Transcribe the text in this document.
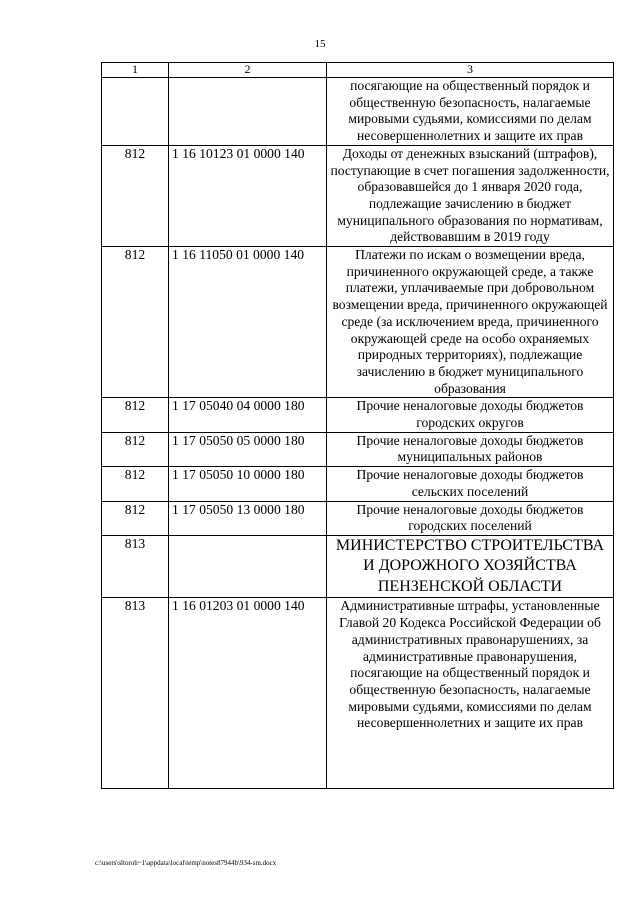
15
1	2	3
		посягающие на общественный порядок и общественную безопасность, налагаемые мировыми судьями, комиссиями по делам несовершеннолетних и защите их прав
812	1 16 10123 01 0000 140	Доходы от денежных взысканий (штрафов), поступающие в счет погашения задолженности, образовавшейся до 1 января 2020 года, подлежащие зачислению в бюджет муниципального образования по нормативам, действовавшим в 2019 году
812	1 16 11050 01 0000 140	Платежи по искам о возмещении вреда, причиненного окружающей среде, а также платежи, уплачиваемые при добровольном возмещении вреда, причиненного окружающей среде (за исключением вреда, причиненного окружающей среде на особо охраняемых природных территориях), подлежащие зачислению в бюджет муниципального образования
812	1 17 05040 04 0000 180	Прочие неналоговые доходы бюджетов городских округов
812	1 17 05050 05 0000 180	Прочие неналоговые доходы бюджетов муниципальных районов
812	1 17 05050 10 0000 180	Прочие неналоговые доходы бюджетов сельских поселений
812	1 17 05050 13 0000 180	Прочие неналоговые доходы бюджетов городских поселений
813		МИНИСТЕРСТВО СТРОИТЕЛЬСТВА И ДОРОЖНОГО ХОЗЯЙСТВА ПЕНЗЕНСКОЙ ОБЛАСТИ
813	1 16 01203 01 0000 140	Административные штрафы, установленные Главой 20 Кодекса Российской Федерации об административных правонарушениях, за административные правонарушения, посягающие на общественный порядок и общественную безопасность, налагаемые мировыми судьями, комиссиями по делам несовершеннолетних и защите их прав
c:\users\sltoroh~1\appdata\local\temp\notes87944b\934-sm.docx
